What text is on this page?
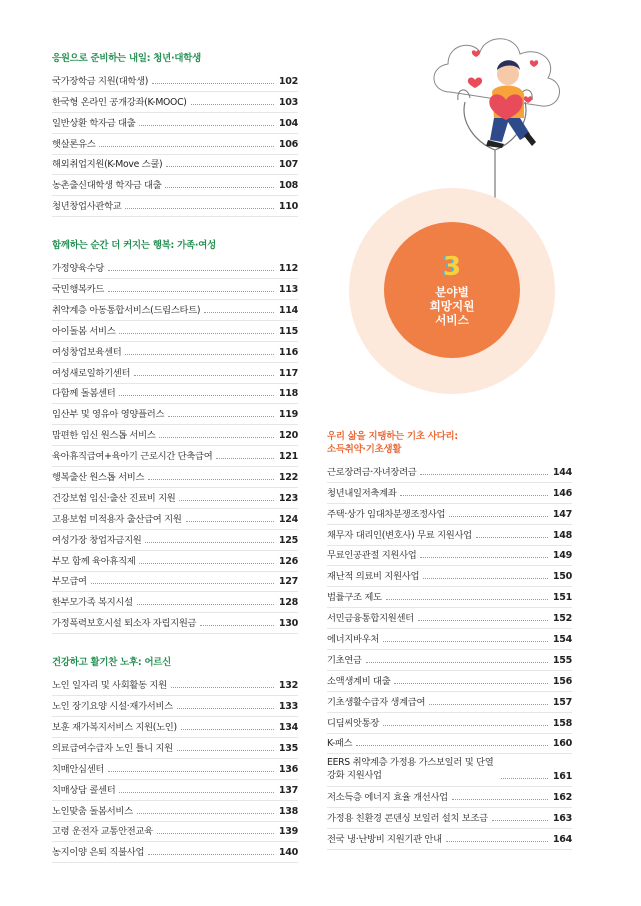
응원으로 준비하는 내일: 청년·대학생
국가장학금 지원(대학생)	102
한국형 온라인 공개강좌(K-MOOC)	103
일반상환 학자금 대출	104
햇살론유스	106
해외취업지원(K-Move 스쿨)	107
농촌출신대학생 학자금 대출	108
청년창업사관학교	110
함께하는 순간 더 커지는 행복: 가족·여성
가정양육수당	112
국민행복카드	113
취약계층 아동통합서비스(드림스타트)	114
아이돌봄 서비스	115
여성창업보육센터	116
여성새로일하기센터	117
다함께 돌봄센터	118
임산부 및 영유아 영양플러스	119
맘편한 임신 원스톱 서비스	120
육아휴직급여+육아기 근로시간 단축급여	121
행복출산 원스톱 서비스	122
건강보험 임신·출산 진료비 지원	123
고용보험 미적용자 출산급여 지원	124
여성가장 창업자금지원	125
부모 함께 육아휴직제	126
부모급여	127
한부모가족 복지시설	128
가정폭력보호시설 퇴소자 자립지원금	130
건강하고 활기찬 노후: 어르신
노인 일자리 및 사회활동 지원	132
노인 장기요양 시설·재가서비스	133
보훈 재가복지서비스 지원(노인)	134
의료급여수급자 노인 틀니 지원	135
치매안심센터	136
치매상담 콜센터	137
노인맞춤 돌봄서비스	138
고령 운전자 교통안전교육	139
농지이양 은퇴 직불사업	140
3
분야별
희망지원
서비스
우리 삶을 지탱하는 기초 사다리:
소득취약·기초생활
근로장려금·자녀장려금	144
청년내일저축계좌	146
주택·상가 임대차분쟁조정사업	147
채무자 대리인(변호사) 무료 지원사업	148
무료인공관절 지원사업	149
재난적 의료비 지원사업	150
법률구조 제도	151
서민금융통합지원센터	152
에너지바우처	154
기초연금	155
소액생계비 대출	156
기초생활수급자 생계급여	157
디딤씨앗통장	158
K-패스	160
EERS 취약계층 가정용 가스보일러 및 단열강화 지원사업	161
저소득층 에너지 효율 개선사업	162
가정용 친환경 콘덴싱 보일러 설치 보조금	163
전국 냉·난방비 지원기관 안내	164
